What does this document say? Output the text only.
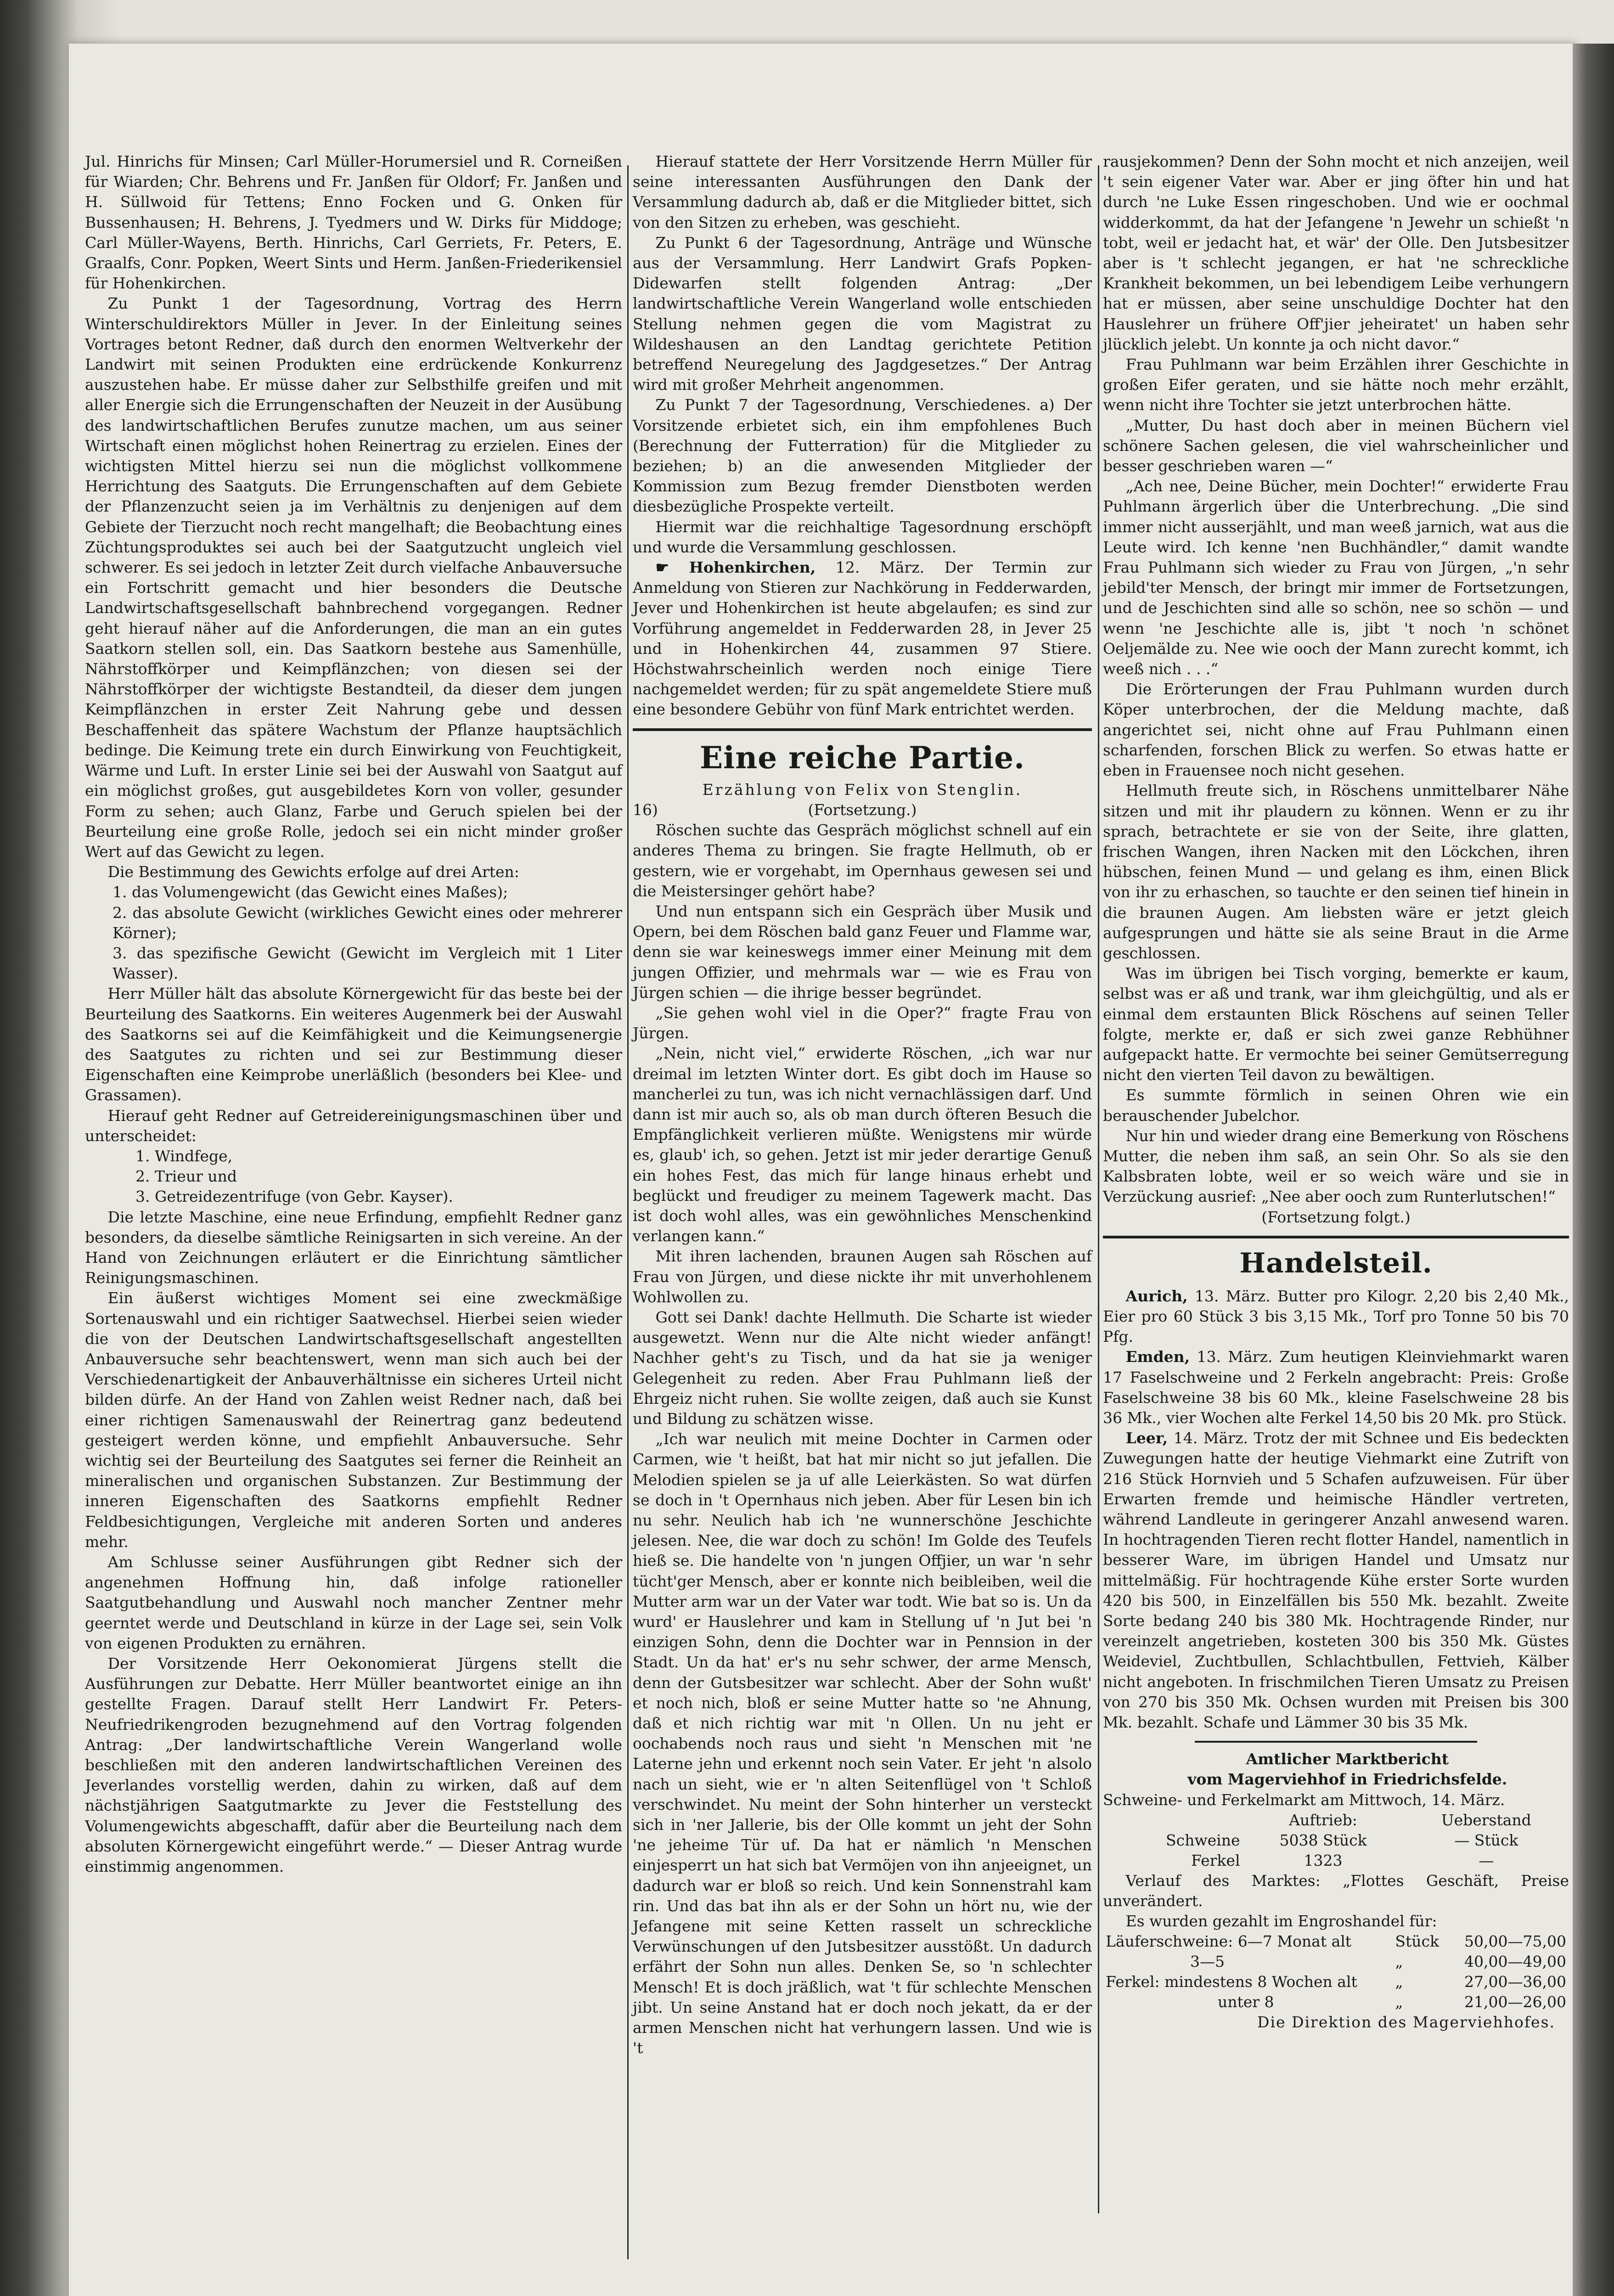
Jul. Hinrichs für Minsen; Carl Müller-Horumersiel und R. Corneißen für Wiarden; Chr. Behrens und Fr. Janßen für Oldorf; Fr. Janßen und H. Süllwoid für Tettens; Enno Focken und G. Onken für Bussenhausen; H. Behrens, J. Tyedmers und W. Dirks für Middoge; Carl Müller-Wayens, Berth. Hinrichs, Carl Gerriets, Fr. Peters, E. Graalfs, Conr. Popken, Weert Sints und Herm. Janßen-Friederikensiel für Hohenkirchen.

Zu Punkt 1 der Tagesordnung, Vortrag des Herrn Winterschuldirektors Müller in Jever. In der Einleitung seines Vortrages betont Redner, daß durch den enormen Weltverkehr der Landwirt mit seinen Produkten eine erdrückende Konkurrenz auszustehen habe. Er müsse daher zur Selbsthilfe greifen und mit aller Energie sich die Errungenschaften der Neuzeit in der Ausübung des landwirtschaftlichen Berufes zunutze machen, um aus seiner Wirtschaft einen möglichst hohen Reinertrag zu erzielen. Eines der wichtigsten Mittel hierzu sei nun die möglichst vollkommene Herrichtung des Saatguts. Die Errungenschaften auf dem Gebiete der Pflanzenzucht seien ja im Verhältnis zu denjenigen auf dem Gebiete der Tierzucht noch recht mangelhaft; die Beobachtung eines Züchtungsproduktes sei auch bei der Saatgutzucht ungleich viel schwerer. Es sei jedoch in letzter Zeit durch vielfache Anbauversuche ein Fortschritt gemacht und hier besonders die Deutsche Landwirtschaftsgesellschaft bahnbrechend vorgegangen. Redner geht hierauf näher auf die Anforderungen, die man an ein gutes Saatkorn stellen soll, ein. Das Saatkorn bestehe aus Samenhülle, Nährstoffkörper und Keimpflänzchen; von diesen sei der Nährstoffkörper der wichtigste Bestandteil, da dieser dem jungen Keimpflänzchen in erster Zeit Nahrung gebe und dessen Beschaffenheit das spätere Wachstum der Pflanze hauptsächlich bedinge. Die Keimung trete ein durch Einwirkung von Feuchtigkeit, Wärme und Luft. In erster Linie sei bei der Auswahl von Saatgut auf ein möglichst großes, gut ausgebildetes Korn von voller, gesunder Form zu sehen; auch Glanz, Farbe und Geruch spielen bei der Beurteilung eine große Rolle, jedoch sei ein nicht minder großer Wert auf das Gewicht zu legen.

Die Bestimmung des Gewichts erfolge auf drei Arten:

1. das Volumengewicht (das Gewicht eines Maßes);
2. das absolute Gewicht (wirkliches Gewicht eines oder mehrerer Körner);
3. das spezifische Gewicht (Gewicht im Vergleich mit 1 Liter Wasser).

Herr Müller hält das absolute Körnergewicht für das beste bei der Beurteilung des Saatkorns. Ein weiteres Augenmerk bei der Auswahl des Saatkorns sei auf die Keimfähigkeit und die Keimungsenergie des Saatgutes zu richten und sei zur Bestimmung dieser Eigenschaften eine Keimprobe unerläßlich (besonders bei Klee- und Grassamen).

Hierauf geht Redner auf Getreidereinigungsmaschinen über und unterscheidet:

1. Windfege,
2. Trieur und
3. Getreidezentrifuge (von Gebr. Kayser).

Die letzte Maschine, eine neue Erfindung, empfiehlt Redner ganz besonders, da dieselbe sämtliche Reinigsarten in sich vereine. An der Hand von Zeichnungen erläutert er die Einrichtung sämtlicher Reinigungsmaschinen.

Ein äußerst wichtiges Moment sei eine zweckmäßige Sortenauswahl und ein richtiger Saatwechsel. Hierbei seien wieder die von der Deutschen Landwirtschaftsgesellschaft angestellten Anbauversuche sehr beachtenswert, wenn man sich auch bei der Verschiedenartigkeit der Anbauverhältnisse ein sicheres Urteil nicht bilden dürfe. An der Hand von Zahlen weist Redner nach, daß bei einer richtigen Samenauswahl der Reinertrag ganz bedeutend gesteigert werden könne, und empfiehlt Anbauversuche. Sehr wichtig sei der Beurteilung des Saatgutes sei ferner die Reinheit an mineralischen und organischen Substanzen. Zur Bestimmung der inneren Eigenschaften des Saatkorns empfiehlt Redner Feldbesichtigungen, Vergleiche mit anderen Sorten und anderes mehr.

Am Schlusse seiner Ausführungen gibt Redner sich der angenehmen Hoffnung hin, daß infolge rationeller Saatgutbehandlung und Auswahl noch mancher Zentner mehr geerntet werde und Deutschland in kürze in der Lage sei, sein Volk von eigenen Produkten zu ernähren.

Der Vorsitzende Herr Oekonomierat Jürgens stellt die Ausführungen zur Debatte. Herr Müller beantwortet einige an ihn gestellte Fragen. Darauf stellt Herr Landwirt Fr. Peters-Neufriedrikengroden bezugnehmend auf den Vortrag folgenden Antrag: „Der landwirtschaftliche Verein Wangerland wolle beschließen mit den anderen landwirtschaftlichen Vereinen des Jeverlandes vorstellig werden, dahin zu wirken, daß auf dem nächstjährigen Saatgutmarkte zu Jever die Feststellung des Volumengewichts abgeschafft, dafür aber die Beurteilung nach dem absoluten Körnergewicht eingeführt werde.“ — Dieser Antrag wurde einstimmig angenommen.

Hierauf stattete der Herr Vorsitzende Herrn Müller für seine interessanten Ausführungen den Dank der Versammlung dadurch ab, daß er die Mitglieder bittet, sich von den Sitzen zu erheben, was geschieht.

Zu Punkt 6 der Tagesordnung, Anträge und Wünsche aus der Versammlung. Herr Landwirt Grafs Popken-Didewarfen stellt folgenden Antrag: „Der landwirtschaftliche Verein Wangerland wolle entschieden Stellung nehmen gegen die vom Magistrat zu Wildeshausen an den Landtag gerichtete Petition betreffend Neuregelung des Jagdgesetzes.“ Der Antrag wird mit großer Mehrheit angenommen.

Zu Punkt 7 der Tagesordnung, Verschiedenes. a) Der Vorsitzende erbietet sich, ein ihm empfohlenes Buch (Berechnung der Futterration) für die Mitglieder zu beziehen; b) an die anwesenden Mitglieder der Kommission zum Bezug fremder Dienstboten werden diesbezügliche Prospekte verteilt.

Hiermit war die reichhaltige Tagesordnung erschöpft und wurde die Versammlung geschlossen.

☛ Hohenkirchen, 12. März. Der Termin zur Anmeldung von Stieren zur Nachkörung in Fedderwarden, Jever und Hohenkirchen ist heute abgelaufen; es sind zur Vorführung angemeldet in Fedderwarden 28, in Jever 25 und in Hohenkirchen 44, zusammen 97 Stiere. Höchstwahrscheinlich werden noch einige Tiere nachgemeldet werden; für zu spät angemeldete Stiere muß eine besondere Gebühr von fünf Mark entrichtet werden.

Eine reiche Partie.

Erzählung von Felix von Stenglin.

16)	(Fortsetzung.)

Röschen suchte das Gespräch möglichst schnell auf ein anderes Thema zu bringen. Sie fragte Hellmuth, ob er gestern, wie er vorgehabt, im Opernhaus gewesen sei und die Meistersinger gehört habe?

Und nun entspann sich ein Gespräch über Musik und Opern, bei dem Röschen bald ganz Feuer und Flamme war, denn sie war keineswegs immer einer Meinung mit dem jungen Offizier, und mehrmals war — wie es Frau von Jürgen schien — die ihrige besser begründet.

„Sie gehen wohl viel in die Oper?“ fragte Frau von Jürgen.

„Nein, nicht viel,“ erwiderte Röschen, „ich war nur dreimal im letzten Winter dort. Es gibt doch im Hause so mancherlei zu tun, was ich nicht vernachlässigen darf. Und dann ist mir auch so, als ob man durch öfteren Besuch die Empfänglichkeit verlieren müßte. Wenigstens mir würde es, glaub' ich, so gehen. Jetzt ist mir jeder derartige Genuß ein hohes Fest, das mich für lange hinaus erhebt und beglückt und freudiger zu meinem Tagewerk macht. Das ist doch wohl alles, was ein gewöhnliches Menschenkind verlangen kann.“

Mit ihren lachenden, braunen Augen sah Röschen auf Frau von Jürgen, und diese nickte ihr mit unverhohlenem Wohlwollen zu.

Gott sei Dank! dachte Hellmuth. Die Scharte ist wieder ausgewetzt. Wenn nur die Alte nicht wieder anfängt! Nachher geht's zu Tisch, und da hat sie ja weniger Gelegenheit zu reden. Aber Frau Puhlmann ließ der Ehrgeiz nicht ruhen. Sie wollte zeigen, daß auch sie Kunst und Bildung zu schätzen wisse.

„Ich war neulich mit meine Dochter in Carmen oder Carmen, wie 't heißt, bat hat mir nicht so jut jefallen. Die Melodien spielen se ja uf alle Leierkästen. So wat dürfen se doch in 't Opernhaus nich jeben. Aber für Lesen bin ich nu sehr. Neulich hab ich 'ne wunnerschöne Jeschichte jelesen. Nee, die war doch zu schön! Im Golde des Teufels hieß se. Die handelte von 'n jungen Offjier, un war 'n sehr tücht'ger Mensch, aber er konnte nich beibleiben, weil die Mutter arm war un der Vater war todt. Wie bat so is. Un da wurd' er Hauslehrer und kam in Stellung uf 'n Jut bei 'n einzigen Sohn, denn die Dochter war in Pennsion in der Stadt. Un da hat' er's nu sehr schwer, der arme Mensch, denn der Gutsbesitzer war schlecht. Aber der Sohn wußt' et noch nich, bloß er seine Mutter hatte so 'ne Ahnung, daß et nich richtig war mit 'n Ollen. Un nu jeht er oochabends noch raus und sieht 'n Menschen mit 'ne Laterne jehn und erkennt noch sein Vater. Er jeht 'n alsolo nach un sieht, wie er 'n alten Seitenflügel von 't Schloß verschwindet. Nu meint der Sohn hinterher un versteckt sich in 'ner Jallerie, bis der Olle kommt un jeht der Sohn 'ne jeheime Tür uf. Da hat er nämlich 'n Menschen einjesperrt un hat sich bat Vermöjen von ihn anjeeignet, un dadurch war er bloß so reich. Und kein Sonnenstrahl kam rin. Und das bat ihn als er der Sohn un hört nu, wie der Jefangene mit seine Ketten rasselt un schreckliche Verwünschungen uf den Jutsbesitzer ausstößt. Un dadurch erfährt der Sohn nun alles. Denken Se, so 'n schlechter Mensch! Et is doch jräßlich, wat 't für schlechte Menschen jibt. Un seine Anstand hat er doch noch jekatt, da er der armen Menschen nicht hat verhungern lassen. Und wie is 't

rausjekommen? Denn der Sohn mocht et nich anzeijen, weil 't sein eigener Vater war. Aber er jing öfter hin und hat durch 'ne Luke Essen ringeschoben. Und wie er oochmal widderkommt, da hat der Jefangene 'n Jewehr un schießt 'n tobt, weil er jedacht hat, et wär' der Olle. Den Jutsbesitzer aber is 't schlecht jegangen, er hat 'ne schreckliche Krankheit bekommen, un bei lebendigem Leibe verhungern hat er müssen, aber seine unschuldige Dochter hat den Hauslehrer un frühere Off'jier jeheiratet' un haben sehr jlücklich jelebt. Un konnte ja och nicht davor.“

Frau Puhlmann war beim Erzählen ihrer Geschichte in großen Eifer geraten, und sie hätte noch mehr erzählt, wenn nicht ihre Tochter sie jetzt unterbrochen hätte.

„Mutter, Du hast doch aber in meinen Büchern viel schönere Sachen gelesen, die viel wahrscheinlicher und besser geschrieben waren —“

„Ach nee, Deine Bücher, mein Dochter!“ erwiderte Frau Puhlmann ärgerlich über die Unterbrechung. „Die sind immer nicht ausserjählt, und man weeß jarnich, wat aus die Leute wird. Ich kenne 'nen Buchhändler,“ damit wandte Frau Puhlmann sich wieder zu Frau von Jürgen, „'n sehr jebild'ter Mensch, der bringt mir immer de Fortsetzungen, und de Jeschichten sind alle so schön, nee so schön — und wenn 'ne Jeschichte alle is, jibt 't noch 'n schönet Oeljemälde zu. Nee wie ooch der Mann zurecht kommt, ich weeß nich . . .“

Die Erörterungen der Frau Puhlmann wurden durch Köper unterbrochen, der die Meldung machte, daß angerichtet sei, nicht ohne auf Frau Puhlmann einen scharfenden, forschen Blick zu werfen. So etwas hatte er eben in Frauensee noch nicht gesehen.

Hellmuth freute sich, in Röschens unmittelbarer Nähe sitzen und mit ihr plaudern zu können. Wenn er zu ihr sprach, betrachtete er sie von der Seite, ihre glatten, frischen Wangen, ihren Nacken mit den Löckchen, ihren hübschen, feinen Mund — und gelang es ihm, einen Blick von ihr zu erhaschen, so tauchte er den seinen tief hinein in die braunen Augen. Am liebsten wäre er jetzt gleich aufgesprungen und hätte sie als seine Braut in die Arme geschlossen.

Was im übrigen bei Tisch vorging, bemerkte er kaum, selbst was er aß und trank, war ihm gleichgültig, und als er einmal dem erstaunten Blick Röschens auf seinen Teller folgte, merkte er, daß er sich zwei ganze Rebhühner aufgepackt hatte. Er vermochte bei seiner Gemütserregung nicht den vierten Teil davon zu bewältigen.

Es summte förmlich in seinen Ohren wie ein berauschender Jubelchor.

Nur hin und wieder drang eine Bemerkung von Röschens Mutter, die neben ihm saß, an sein Ohr. So als sie den Kalbsbraten lobte, weil er so weich wäre und sie in Verzückung ausrief: „Nee aber ooch zum Runterlutschen!“

(Fortsetzung folgt.)

Handelsteil.

Aurich, 13. März. Butter pro Kilogr. 2,20 bis 2,40 Mk., Eier pro 60 Stück 3 bis 3,15 Mk., Torf pro Tonne 50 bis 70 Pfg.

Emden, 13. März. Zum heutigen Kleinviehmarkt waren 17 Faselschweine und 2 Ferkeln angebracht: Preis: Große Faselschweine 38 bis 60 Mk., kleine Faselschweine 28 bis 36 Mk., vier Wochen alte Ferkel 14,50 bis 20 Mk. pro Stück.

Leer, 14. März. Trotz der mit Schnee und Eis bedeckten Zuwegungen hatte der heutige Viehmarkt eine Zutrift von 216 Stück Hornvieh und 5 Schafen aufzuweisen. Für über Erwarten fremde und heimische Händler vertreten, während Landleute in geringerer Anzahl anwesend waren. In hochtragenden Tieren recht flotter Handel, namentlich in besserer Ware, im übrigen Handel und Umsatz nur mittelmäßig. Für hochtragende Kühe erster Sorte wurden 420 bis 500, in Einzelfällen bis 550 Mk. bezahlt. Zweite Sorte bedang 240 bis 380 Mk. Hochtragende Rinder, nur vereinzelt angetrieben, kosteten 300 bis 350 Mk. Güstes Weideviel, Zuchtbullen, Schlachtbullen, Fettvieh, Kälber nicht angeboten. In frischmilchen Tieren Umsatz zu Preisen von 270 bis 350 Mk. Ochsen wurden mit Preisen bis 300 Mk. bezahlt. Schafe und Lämmer 30 bis 35 Mk.

Amtlicher Marktbericht

vom Magerviehhof in Friedrichsfelde.

Schweine- und Ferkelmarkt am Mittwoch, 14. März.

	Auftrieb:	Ueberstand
Schweine	5038 Stück	— Stück
Ferkel	1323	—

Verlauf des Marktes: „Flottes Geschäft, Preise unverändert.

Es wurden gezahlt im Engroshandel für:

Läuferschweine: 6—7 Monat alt	Stück	50,00—75,00
3—5	„	40,00—49,00
Ferkel: mindestens 8 Wochen alt	„	27,00—36,00
unter 8	„	21,00—26,00

Die Direktion des Magerviehhofes.
